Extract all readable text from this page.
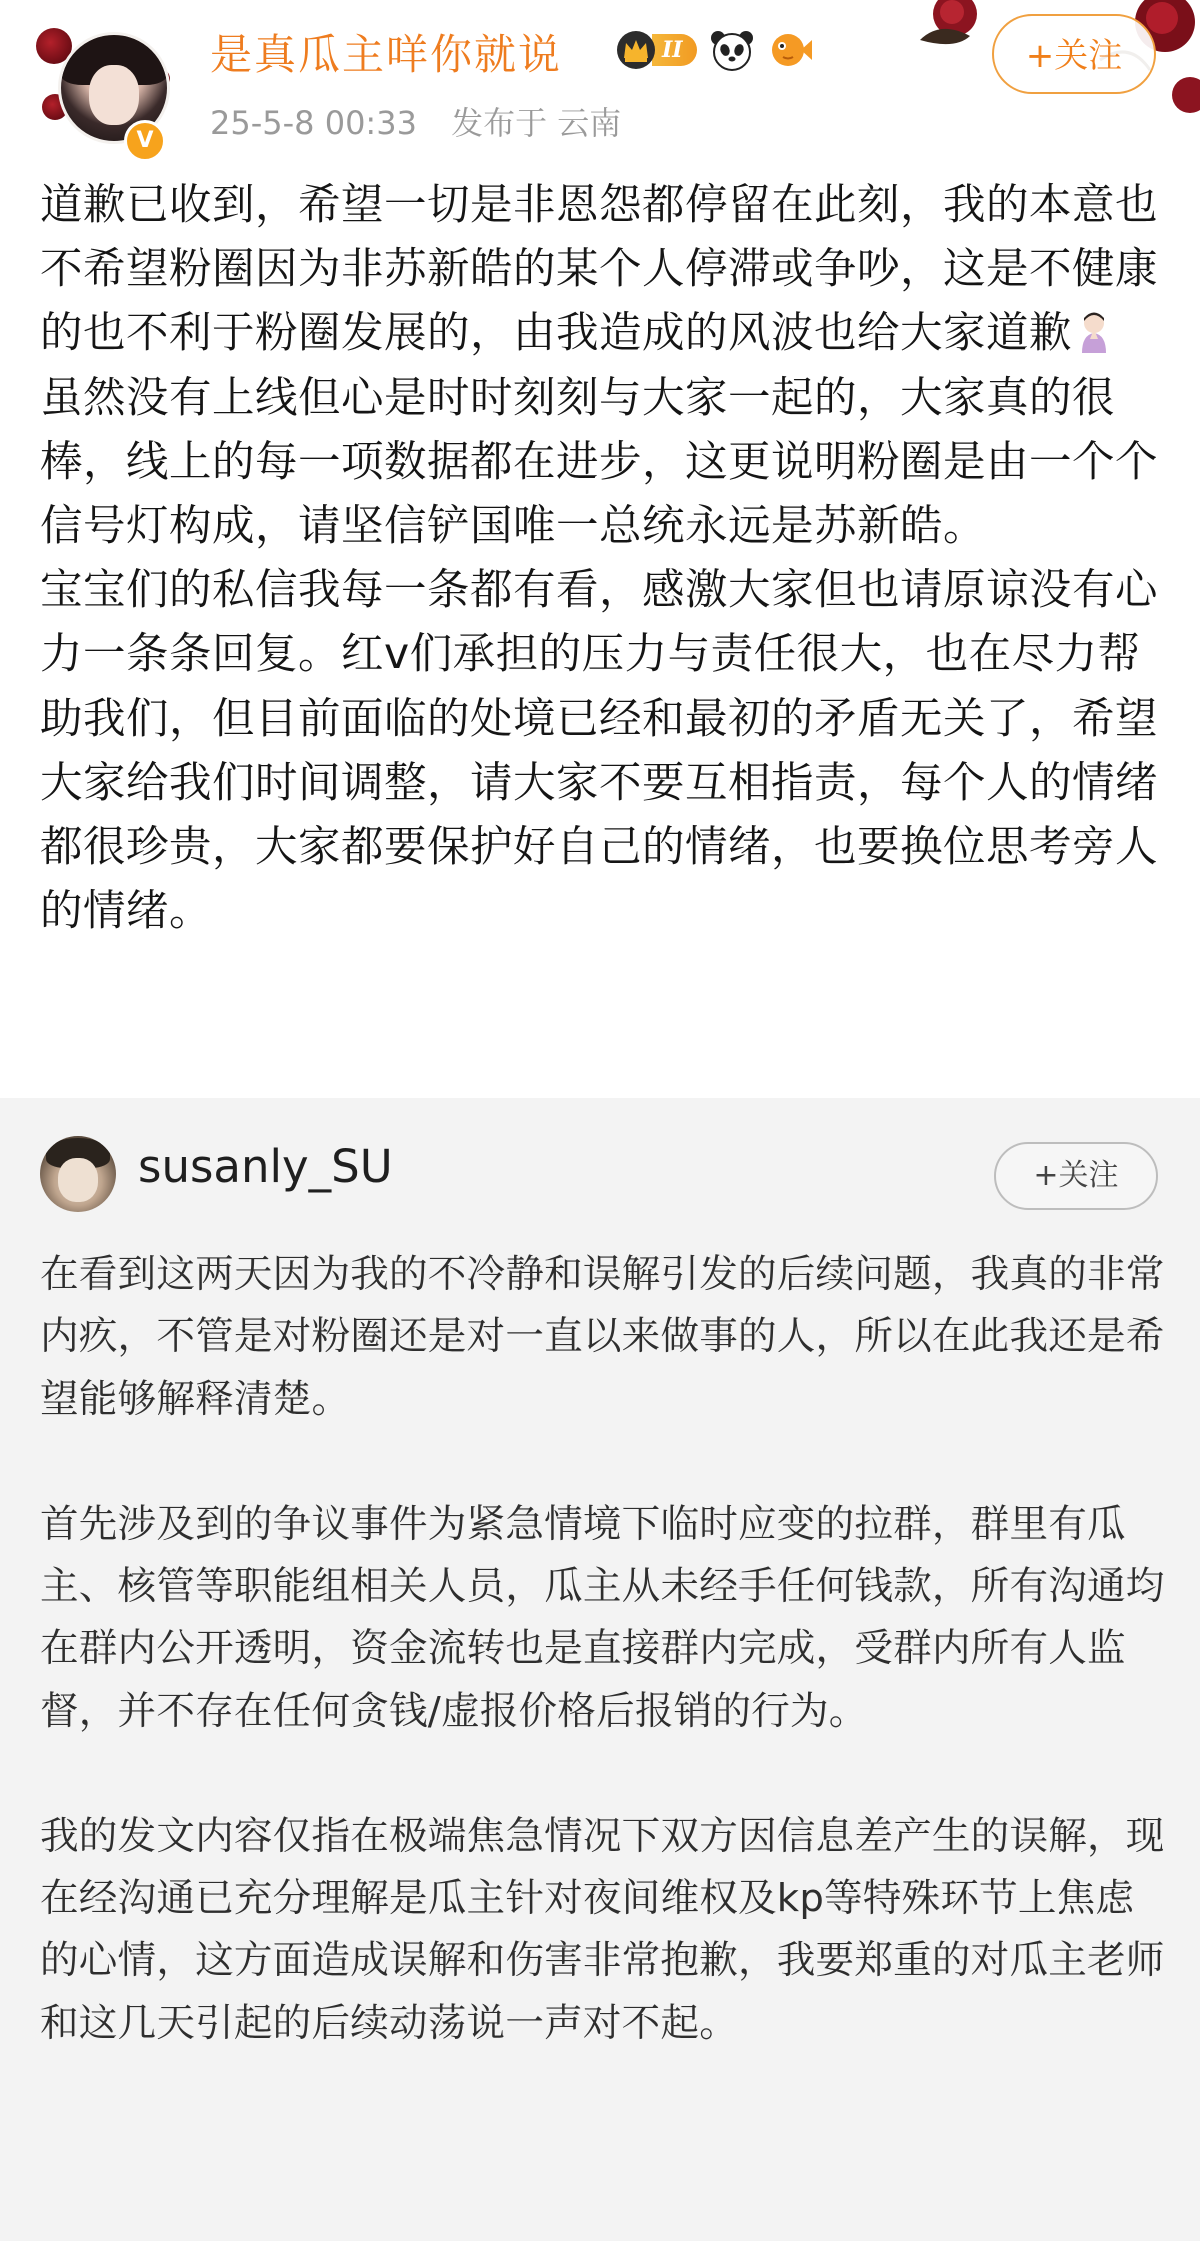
V
是真瓜主咩你就说	II
25-5-8 00:33 发布于 云南
+关注

道歉已收到，希望一切是非恩怨都停留在此刻，我的本意也不希望粉圈因为非苏新皓的某个人停滞或争吵，这是不健康的也不利于粉圈发展的，由我造成的风波也给大家道歉

虽然没有上线但心是时时刻刻与大家一起的，大家真的很棒，线上的每一项数据都在进步，这更说明粉圈是由一个个信号灯构成，请坚信铲国唯一总统永远是苏新皓。

宝宝们的私信我每一条都有看，感激大家但也请原谅没有心力一条条回复。红v们承担的压力与责任很大，也在尽力帮助我们，但目前面临的处境已经和最初的矛盾无关了，希望大家给我们时间调整，请大家不要互相指责，每个人的情绪都很珍贵，大家都要保护好自己的情绪，也要换位思考旁人的情绪。

susanly_SU	+关注

在看到这两天因为我的不冷静和误解引发的后续问题，我真的非常内疚，不管是对粉圈还是对一直以来做事的人，所以在此我还是希望能够解释清楚。

首先涉及到的争议事件为紧急情境下临时应变的拉群，群里有瓜主、核管等职能组相关人员，瓜主从未经手任何钱款，所有沟通均在群内公开透明，资金流转也是直接群内完成，受群内所有人监督，并不存在任何贪钱/虚报价格后报销的行为。

我的发文内容仅指在极端焦急情况下双方因信息差产生的误解，现在经沟通已充分理解是瓜主针对夜间维权及kp等特殊环节上焦虑的心情，这方面造成误解和伤害非常抱歉，我要郑重的对瓜主老师和这几天引起的后续动荡说一声对不起。
